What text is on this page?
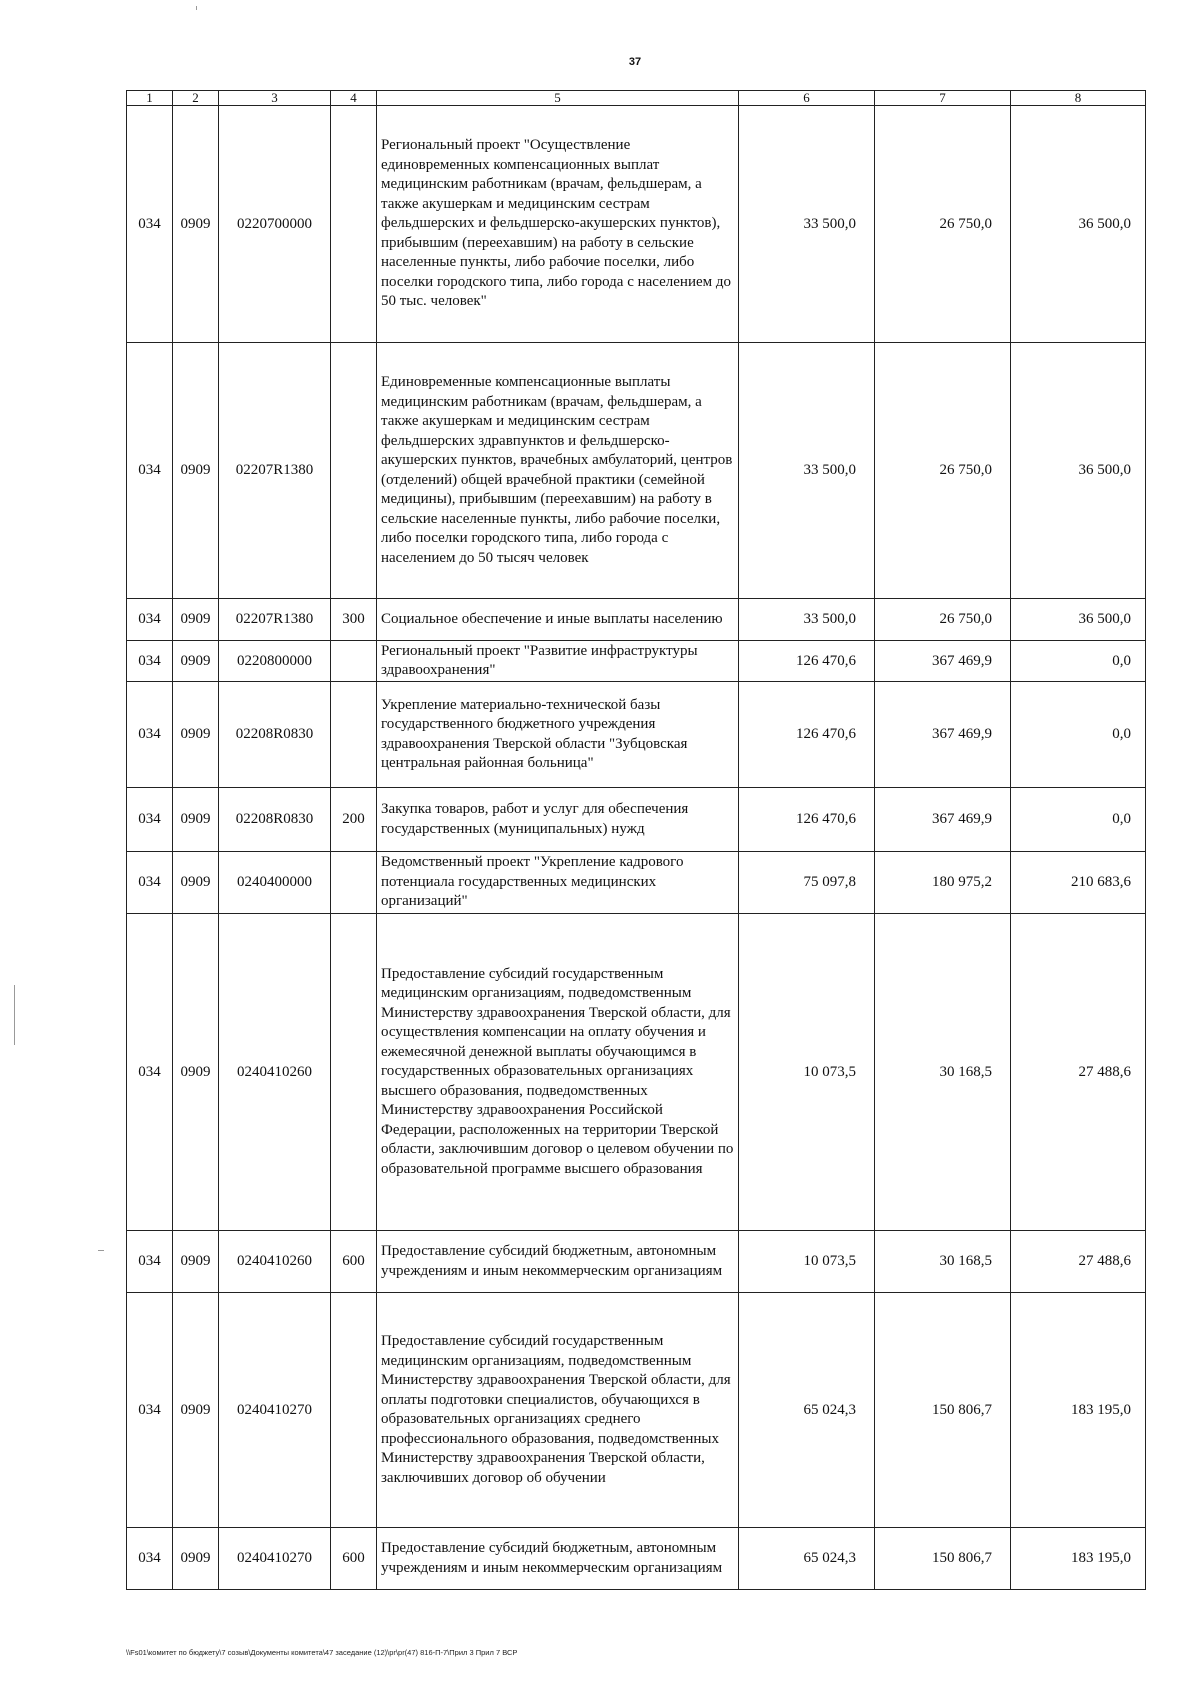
37
1	2	3	4	5	6	7	8
034	0909	0220700000		Региональный проект "Осуществление единовременных компенсационных выплат медицинским работникам (врачам, фельдшерам, а также акушеркам и медицинским сестрам фельдшерских и фельдшерско-акушерских пунктов), прибывшим (переехавшим) на работу в сельские населенные пункты, либо рабочие поселки, либо поселки городского типа, либо города с населением до 50 тыс. человек"	33 500,0	26 750,0	36 500,0
034	0909	02207R1380		Единовременные компенсационные выплаты медицинским работникам (врачам, фельдшерам, а также акушеркам и медицинским сестрам фельдшерских здравпунктов и фельдшерско-акушерских пунктов, врачебных амбулаторий, центров (отделений) общей врачебной практики (семейной медицины), прибывшим (переехавшим) на работу в сельские населенные пункты, либо рабочие поселки, либо поселки городского типа, либо города с населением до 50 тысяч человек	33 500,0	26 750,0	36 500,0
034	0909	02207R1380	300	Социальное обеспечение и иные выплаты населению	33 500,0	26 750,0	36 500,0
034	0909	0220800000		Региональный проект "Развитие инфраструктуры здравоохранения"	126 470,6	367 469,9	0,0
034	0909	02208R0830		Укрепление материально-технической базы государственного бюджетного учреждения здравоохранения Тверской области "Зубцовская центральная районная больница"	126 470,6	367 469,9	0,0
034	0909	02208R0830	200	Закупка товаров, работ и услуг для обеспечения государственных (муниципальных) нужд	126 470,6	367 469,9	0,0
034	0909	0240400000		Ведомственный проект "Укрепление кадрового потенциала государственных медицинских организаций"	75 097,8	180 975,2	210 683,6
034	0909	0240410260		Предоставление субсидий государственным медицинским организациям, подведомственным Министерству здравоохранения Тверской области, для осуществления компенсации на оплату обучения и ежемесячной денежной выплаты обучающимся в государственных образовательных организациях высшего образования, подведомственных Министерству здравоохранения Российской Федерации, расположенных на территории Тверской области, заключившим договор о целевом обучении по образовательной программе высшего образования	10 073,5	30 168,5	27 488,6
034	0909	0240410260	600	Предоставление субсидий бюджетным, автономным учреждениям и иным некоммерческим организациям	10 073,5	30 168,5	27 488,6
034	0909	0240410270		Предоставление субсидий государственным медицинским организациям, подведомственным Министерству здравоохранения Тверской области, для оплаты подготовки специалистов, обучающихся в образовательных организациях среднего профессионального образования, подведомственных Министерству здравоохранения Тверской области, заключивших договор об обучении	65 024,3	150 806,7	183 195,0
034	0909	0240410270	600	Предоставление субсидий бюджетным, автономным учреждениям и иным некоммерческим организациям	65 024,3	150 806,7	183 195,0
\\Fs01\комитет по бюджету\7 созыв\Документы комитета\47 заседание (12)\pr\pr(47) 816-П-7\Прил 3 Прил 7 ВСР
